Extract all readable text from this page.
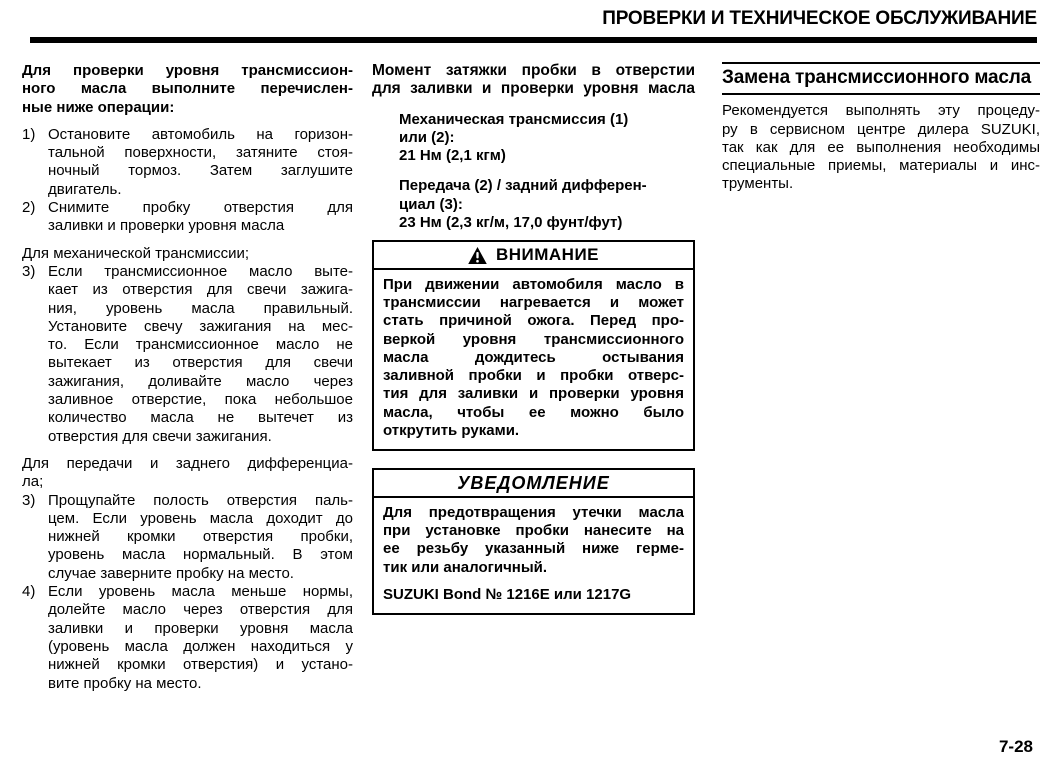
ПРОВЕРКИ И ТЕХНИЧЕСКОЕ ОБСЛУЖИВАНИЕ
Для проверки уровня трансмиссион-
ного масла выполните перечислен-
ные ниже операции:
1) Остановите автомобиль на горизон-
тальной поверхности, затяните стоя-
ночный тормоз. Затем заглушите
двигатель.
2) Снимите пробку отверстия для
заливки и проверки уровня масла
Для механической трансмиссии;
3) Если трансмиссионное масло выте-
кает из отверстия для свечи зажига-
ния, уровень масла правильный.
Установите свечу зажигания на мес-
то. Если трансмиссионное масло не
вытекает из отверстия для свечи
зажигания, доливайте масло через
заливное отверстие, пока небольшое
количество масла не вытечет из
отверстия для свечи зажигания.
Для передачи и заднего дифференциа-
ла;
3) Прощупайте полость отверстия паль-
цем. Если уровень масла доходит до
нижней кромки отверстия пробки,
уровень масла нормальный. В этом
случае заверните пробку на место.
4) Если уровень масла меньше нормы,
долейте масло через отверстия для
заливки и проверки уровня масла
(уровень масла должен находиться у
нижней кромки отверстия) и устано-
вите пробку на место.
Момент затяжки пробки в отверстии
для заливки и проверки уровня масла
Механическая трансмиссия (1)
или (2):
21 Нм (2,1 кгм)
Передача (2) / задний дифферен-
циал (3):
23 Нм (2,3 кг/м, 17,0 фунт/фут)
ВНИМАНИЕ
При движении автомобиля масло в
трансмиссии нагревается и может
стать причиной ожога. Перед про-
веркой уровня трансмиссионного
масла дождитесь остывания
заливной пробки и пробки отверс-
тия для заливки и проверки уровня
масла, чтобы ее можно было
открутить руками.
УВЕДОМЛЕНИЕ
Для предотвращения утечки масла
при установке пробки нанесите на
ее резьбу указанный ниже герме-
тик или аналогичный.
SUZUKI Bond № 1216E или 1217G
Замена трансмиссионного масла
Рекомендуется выполнять эту процеду-
ру в сервисном центре дилера SUZUKI,
так как для ее выполнения необходимы
специальные приемы, материалы и инс-
трументы.
7-28
